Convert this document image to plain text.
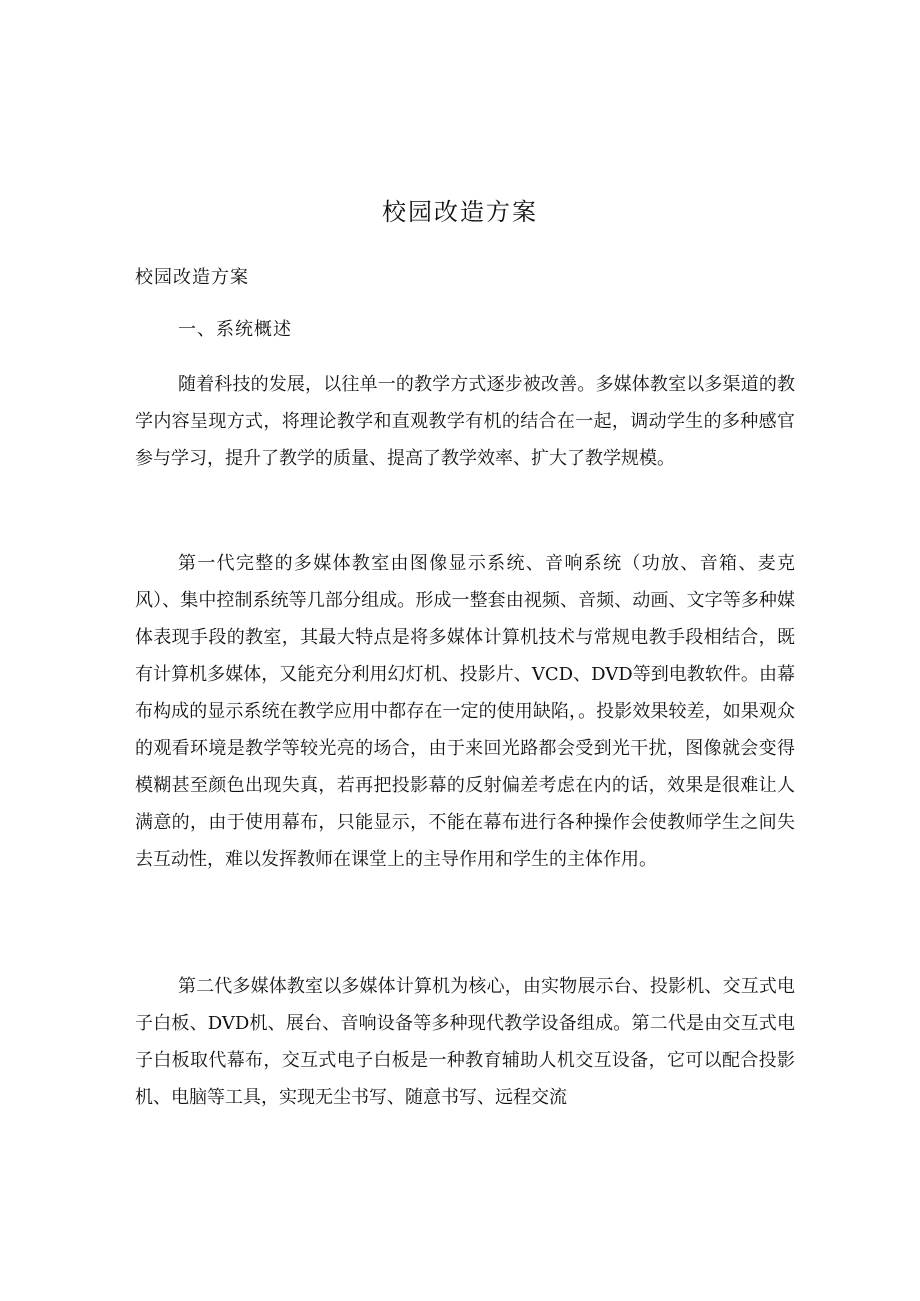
校园改造方案

校园改造方案

一、系统概述

随着科技的发展，以往单一的教学方式逐步被改善。多媒体教室以多渠道的教学内容呈现方式，将理论教学和直观教学有机的结合在一起，调动学生的多种感官参与学习，提升了教学的质量、提高了教学效率、扩大了教学规模。

第一代完整的多媒体教室由图像显示系统、音响系统（功放、音箱、麦克风）、集中控制系统等几部分组成。形成一整套由视频、音频、动画、文字等多种媒体表现手段的教室，其最大特点是将多媒体计算机技术与常规电教手段相结合，既有计算机多媒体，又能充分利用幻灯机、投影片、VCD、DVD等到电教软件。由幕布构成的显示系统在教学应用中都存在一定的使用缺陷，。投影效果较差，如果观众的观看环境是教学等较光亮的场合，由于来回光路都会受到光干扰，图像就会变得模糊甚至颜色出现失真，若再把投影幕的反射偏差考虑在内的话，效果是很难让人满意的，由于使用幕布，只能显示，不能在幕布进行各种操作会使教师学生之间失去互动性，难以发挥教师在课堂上的主导作用和学生的主体作用。

第二代多媒体教室以多媒体计算机为核心，由实物展示台、投影机、交互式电子白板、DVD机、展台、音响设备等多种现代教学设备组成。第二代是由交互式电子白板取代幕布，交互式电子白板是一种教育辅助人机交互设备，它可以配合投影机、电脑等工具，实现无尘书写、随意书写、远程交流
